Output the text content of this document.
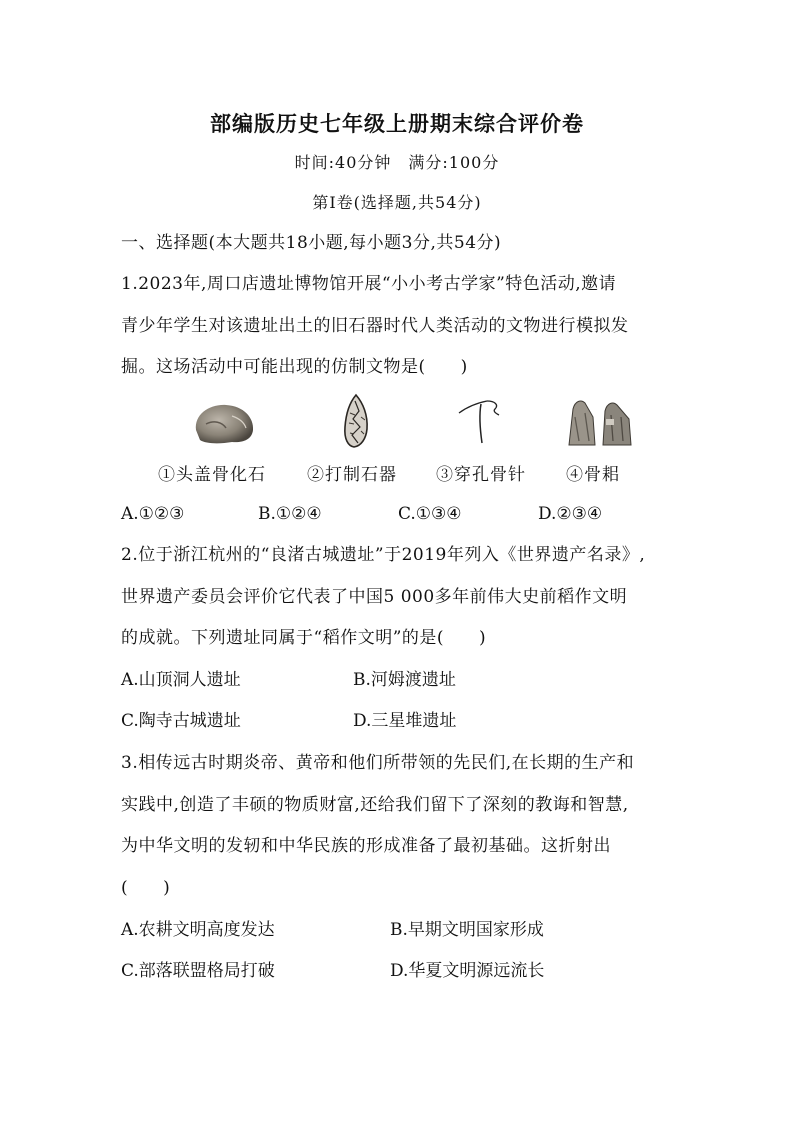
部编版历史七年级上册期末综合评价卷
时间:40分钟　满分:100分
第Ⅰ卷(选择题,共54分)
一、选择题(本大题共18小题,每小题3分,共54分)
1.2023年,周口店遗址博物馆开展“小小考古学家”特色活动,邀请
青少年学生对该遗址出土的旧石器时代人类活动的文物进行模拟发
掘。这场活动中可能出现的仿制文物是(　　)
①头盖骨化石 ②打制石器 ③穿孔骨针 ④骨耜
A.①②③	B.①②④	C.①③④	D.②③④
2.位于浙江杭州的“良渚古城遗址”于2019年列入《世界遗产名录》,
世界遗产委员会评价它代表了中国5 000多年前伟大史前稻作文明
的成就。下列遗址同属于“稻作文明”的是(　　)
A.山顶洞人遗址	B.河姆渡遗址
C.陶寺古城遗址	D.三星堆遗址
3.相传远古时期炎帝、黄帝和他们所带领的先民们,在长期的生产和
实践中,创造了丰硕的物质财富,还给我们留下了深刻的教诲和智慧,
为中华文明的发轫和中华民族的形成准备了最初基础。这折射出
(　　)
A.农耕文明高度发达	B.早期文明国家形成
C.部落联盟格局打破	D.华夏文明源远流长
